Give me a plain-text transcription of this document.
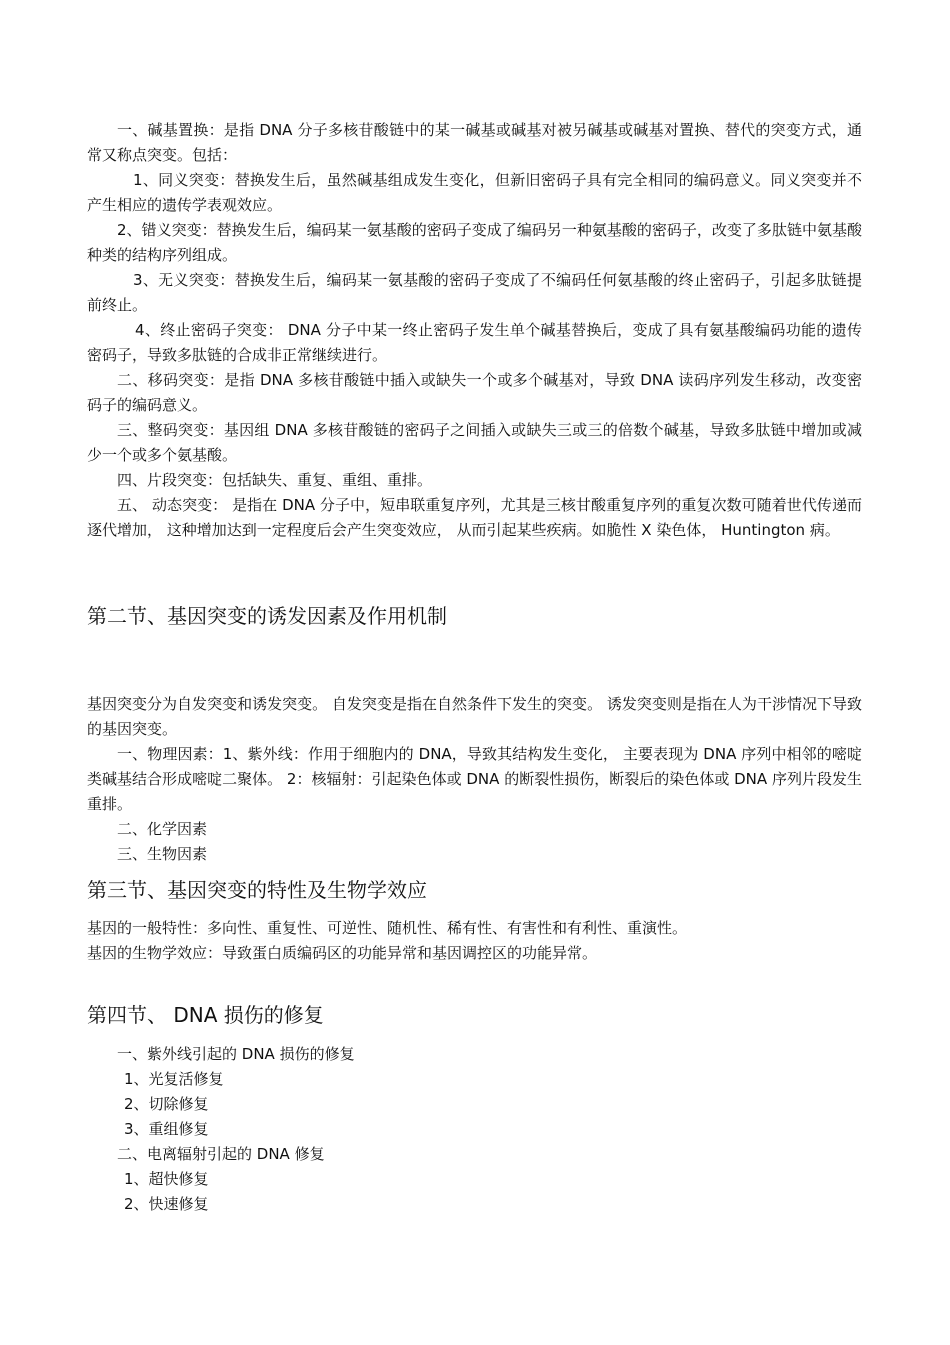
一、碱基置换：是指 DNA 分子多核苷酸链中的某一碱基或碱基对被另碱基或碱基对置换、替代的突变方式，通常又称点突变。包括：

1、同义突变：替换发生后，虽然碱基组成发生变化，但新旧密码子具有完全相同的编码意义。同义突变并不产生相应的遗传学表观效应。

2、错义突变：替换发生后，编码某一氨基酸的密码子变成了编码另一种氨基酸的密码子，改变了多肽链中氨基酸种类的结构序列组成。

3、无义突变：替换发生后，编码某一氨基酸的密码子变成了不编码任何氨基酸的终止密码子，引起多肽链提前终止。

4、终止密码子突变： DNA 分子中某一终止密码子发生单个碱基替换后，变成了具有氨基酸编码功能的遗传密码子，导致多肽链的合成非正常继续进行。

二、移码突变：是指 DNA 多核苷酸链中插入或缺失一个或多个碱基对，导致 DNA 读码序列发生移动，改变密码子的编码意义。

三、整码突变：基因组 DNA 多核苷酸链的密码子之间插入或缺失三或三的倍数个碱基，导致多肽链中增加或减少一个或多个氨基酸。

四、片段突变：包括缺失、重复、重组、重排。

五、 动态突变： 是指在 DNA 分子中，短串联重复序列，尤其是三核甘酸重复序列的重复次数可随着世代传递而逐代增加， 这种增加达到一定程度后会产生突变效应， 从而引起某些疾病。如脆性 X 染色体， Huntington 病。

第二节、基因突变的诱发因素及作用机制

基因突变分为自发突变和诱发突变。 自发突变是指在自然条件下发生的突变。 诱发突变则是指在人为干涉情况下导致的基因突变。

一、物理因素：1、紫外线：作用于细胞内的 DNA，导致其结构发生变化， 主要表现为 DNA 序列中相邻的嘧啶类碱基结合形成嘧啶二聚体。 2：核辐射：引起染色体或 DNA 的断裂性损伤，断裂后的染色体或 DNA 序列片段发生重排。

二、化学因素

三、生物因素

第三节、基因突变的特性及生物学效应

基因的一般特性：多向性、重复性、可逆性、随机性、稀有性、有害性和有利性、重演性。

基因的生物学效应：导致蛋白质编码区的功能异常和基因调控区的功能异常。

第四节、 DNA 损伤的修复

一、紫外线引起的 DNA 损伤的修复

1、光复活修复

2、切除修复

3、重组修复

二、电离辐射引起的 DNA 修复

1、超快修复

2、快速修复
